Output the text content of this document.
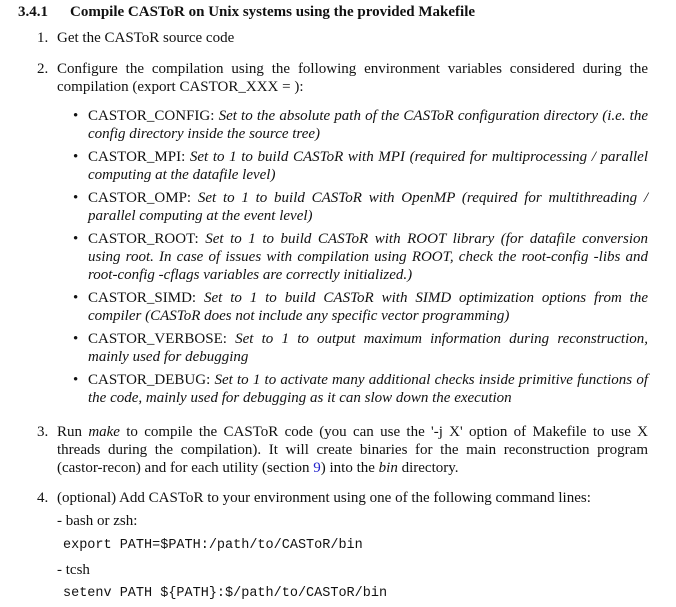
3.4.1 Compile CASToR on Unix systems using the provided Makefile
1. Get the CASToR source code
2. Configure the compilation using the following environment variables considered during the compilation (export CASTOR_XXX = ):
• CASTOR_CONFIG: Set to the absolute path of the CASToR configuration directory (i.e. the config directory inside the source tree)
• CASTOR_MPI: Set to 1 to build CASToR with MPI (required for multiprocessing / parallel computing at the datafile level)
• CASTOR_OMP: Set to 1 to build CASToR with OpenMP (required for multithreading / parallel computing at the event level)
• CASTOR_ROOT: Set to 1 to build CASToR with ROOT library (for datafile conversion using root. In case of issues with compilation using ROOT, check the root-config -libs and root-config -cflags variables are correctly initialized.)
• CASTOR_SIMD: Set to 1 to build CASToR with SIMD optimization options from the compiler (CASToR does not include any specific vector programming)
• CASTOR_VERBOSE: Set to 1 to output maximum information during reconstruction, mainly used for debugging
• CASTOR_DEBUG: Set to 1 to activate many additional checks inside primitive functions of the code, mainly used for debugging as it can slow down the execution
3. Run make to compile the CASToR code (you can use the '-j X' option of Makefile to use X threads during the compilation). It will create binaries for the main reconstruction program (castor-recon) and for each utility (section 9) into the bin directory.
4. (optional) Add CASToR to your environment using one of the following command lines:
- bash or zsh:
export PATH=$PATH:/path/to/CASToR/bin
- tcsh
setenv PATH ${PATH}:$/path/to/CASToR/bin
